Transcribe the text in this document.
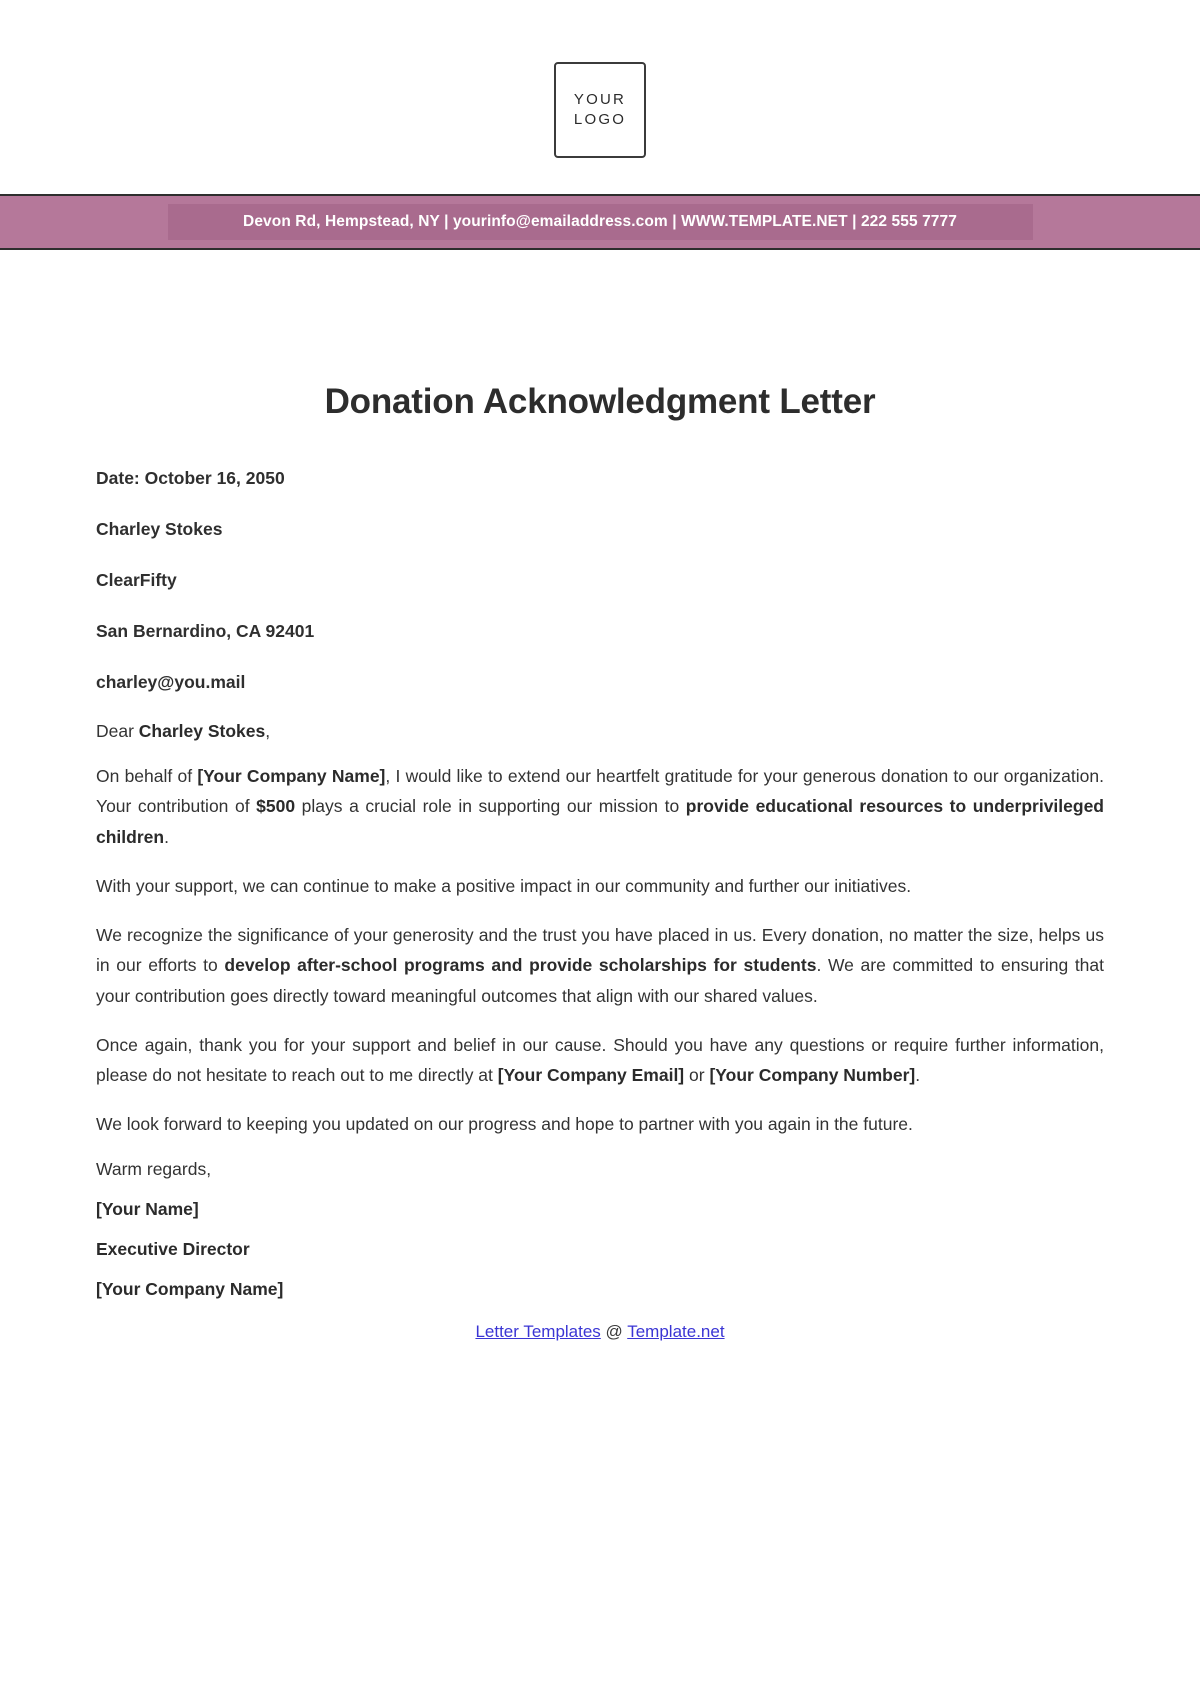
YOUR
LOGO
Devon Rd, Hempstead, NY | yourinfo@emailaddress.com | WWW.TEMPLATE.NET | 222 555 7777
Donation Acknowledgment Letter
Date: October 16, 2050
Charley Stokes
ClearFifty
San Bernardino, CA 92401
charley@you.mail
Dear Charley Stokes,

On behalf of [Your Company Name], I would like to extend our heartfelt gratitude for your generous donation to our organization. Your contribution of $500 plays a crucial role in supporting our mission to provide educational resources to underprivileged children.

With your support, we can continue to make a positive impact in our community and further our initiatives.

We recognize the significance of your generosity and the trust you have placed in us. Every donation, no matter the size, helps us in our efforts to develop after-school programs and provide scholarships for students. We are committed to ensuring that your contribution goes directly toward meaningful outcomes that align with our shared values.

Once again, thank you for your support and belief in our cause. Should you have any questions or require further information, please do not hesitate to reach out to me directly at [Your Company Email] or [Your Company Number].

We look forward to keeping you updated on our progress and hope to partner with you again in the future.

Warm regards,
[Your Name]
Executive Director
[Your Company Name]
Letter Templates @ Template.net
